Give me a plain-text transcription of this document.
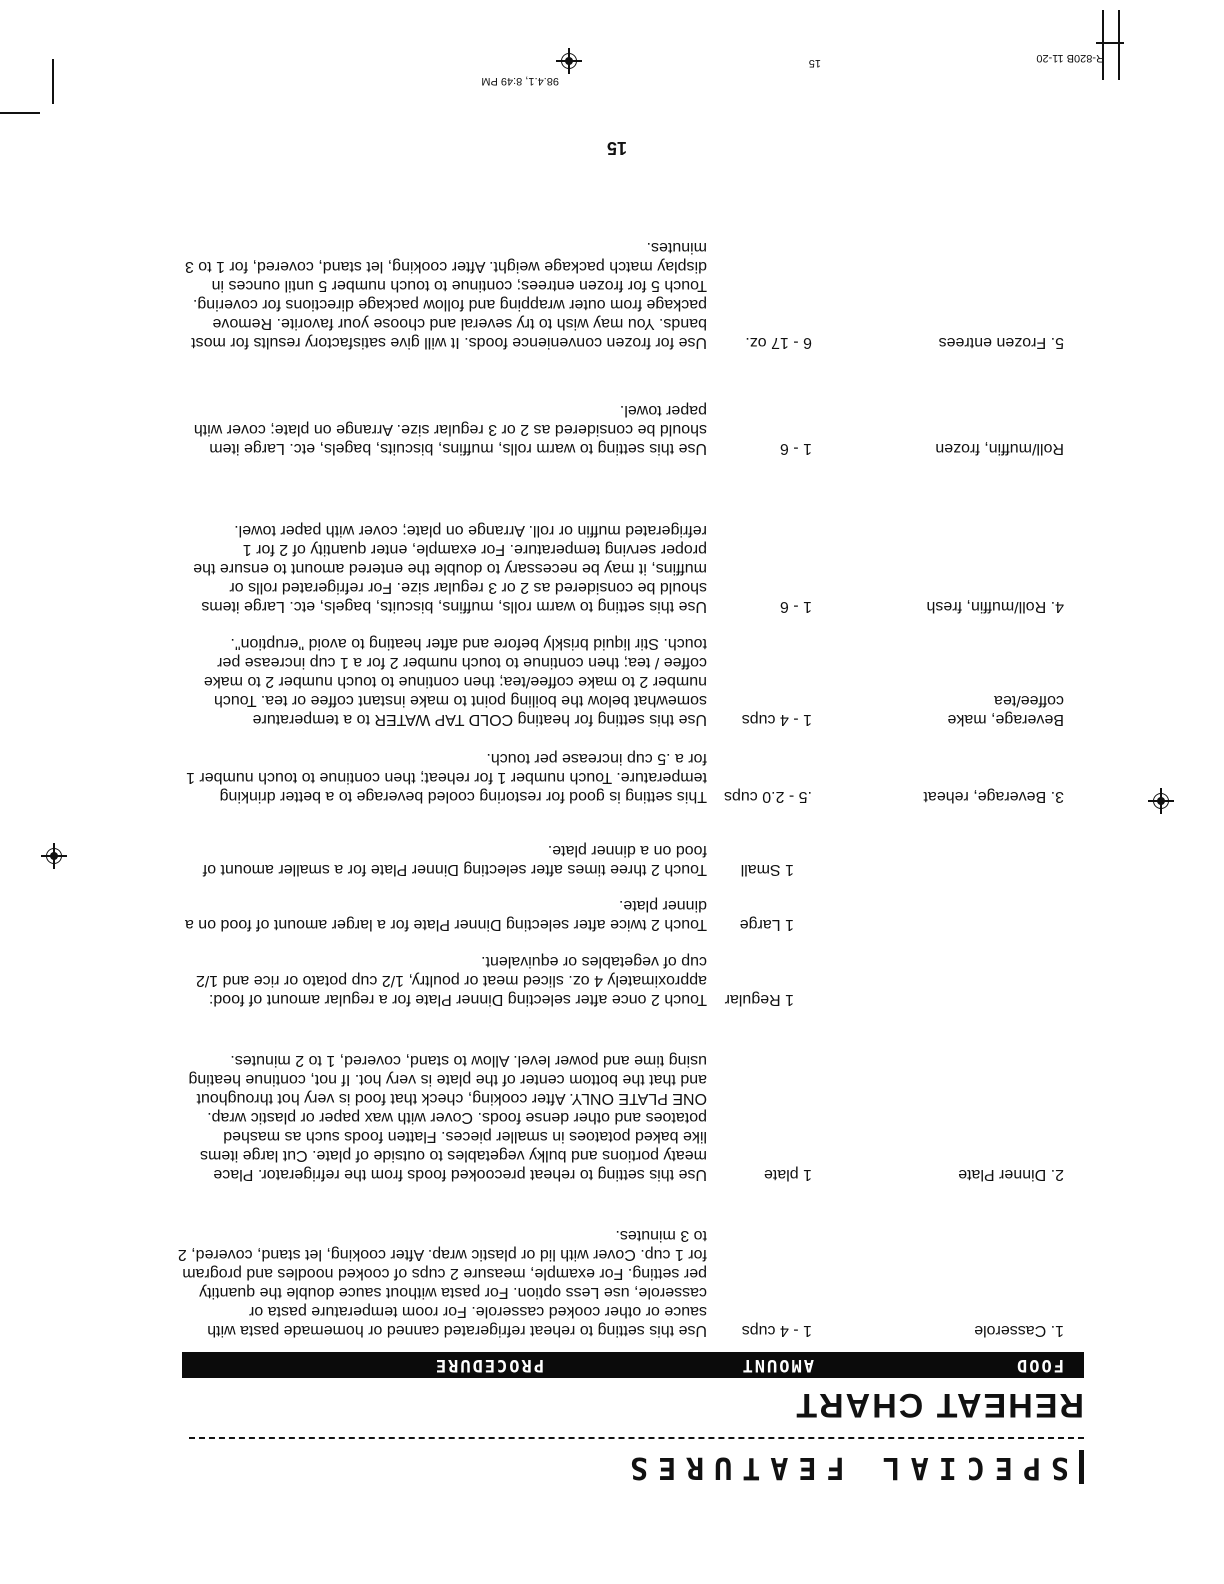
SPECIAL FEATURES
REHEAT CHART
FOOD
AMOUNT
PROCEDURE
1. Casserole
1 - 4 cups
Use this setting to reheat refrigerated canned or homemade pasta with sauce or other cooked casserole. For room temperature pasta or casserole, use Less option. For pasta without sauce double the quantity per setting. For example, measure 2 cups of cooked noodles and program for 1 cup. Cover with lid or plastic wrap. After cooking, let stand, covered, 2 to 3 minutes.
2. Dinner Plate
1 plate
Use this setting to reheat precooked foods from the refrigerator. Place meaty portions and bulky vegetables to outside of plate. Cut large items like baked potatoes in smaller pieces. Flatten foods such as mashed potatoes and other dense foods. Cover with wax paper or plastic wrap. ONE PLATE ONLY. After cooking, check that food is very hot throughout and that the bottom center of the plate is very hot. If not, continue heating using time and power level. Allow to stand, covered, 1 to 2 minutes.
1 Regular
Touch 2 once after selecting Dinner Plate for a regular amount of food: approximately 4 oz. sliced meat or poultry, 1/2 cup potato or rice and 1/2 cup of vegetables or equivalent.
1 Large
Touch 2 twice after selecting Dinner Plate for a larger amount of food on a dinner plate.
1 Small
Touch 2 three times after selecting Dinner Plate for a smaller amount of food on a dinner plate.
3. Beverage, reheat
.5 - 2.0 cups
This setting is good for restoring cooled beverage to a better drinking temperature. Touch number 1 for reheat; then continue to touch number 1 for a .5 cup increase per touch.
Beverage, make coffee/tea
1 - 4 cups
Use this setting for heating COLD TAP WATER to a temperature somewhat below the boiling point to make instant coffee or tea. Touch number 2 to make coffee/tea; then continue to touch number 2 to make coffee / tea; then continue to touch number 2 for a 1 cup increase per touch. Stir liquid briskly before and after heating to avoid "eruption".
4. Roll/muffin, fresh
1 - 6
Use this setting to warm rolls, muffins, biscuits, bagels, etc. Large items should be considered as 2 or 3 regular size. For refrigerated rolls or muffins, it may be necessary to double the entered amount to ensure the proper serving temperature. For example, enter quantity of 2 for 1 refrigerated muffin or roll. Arrange on plate; cover with paper towel.
Roll/muffin, frozen
1 - 6
Use this setting to warm rolls, muffins, biscuits, bagels, etc. Large item should be considered as 2 or 3 regular size. Arrange on plate; cover with paper towel.
5. Frozen entrees
6 - 17 oz.
Use for frozen convenience foods. It will give satisfactory results for most bands. You may wish to try several and choose your favorite. Remove package from outer wrapping and follow package directions for covering. Touch 5 for frozen entrees; continue to touch number 5 until ounces in display match package weight. After cooking, let stand, covered, for 1 to 3 minutes.
15
15	R-820B 11-20
98.4.1, 8:49 PM
